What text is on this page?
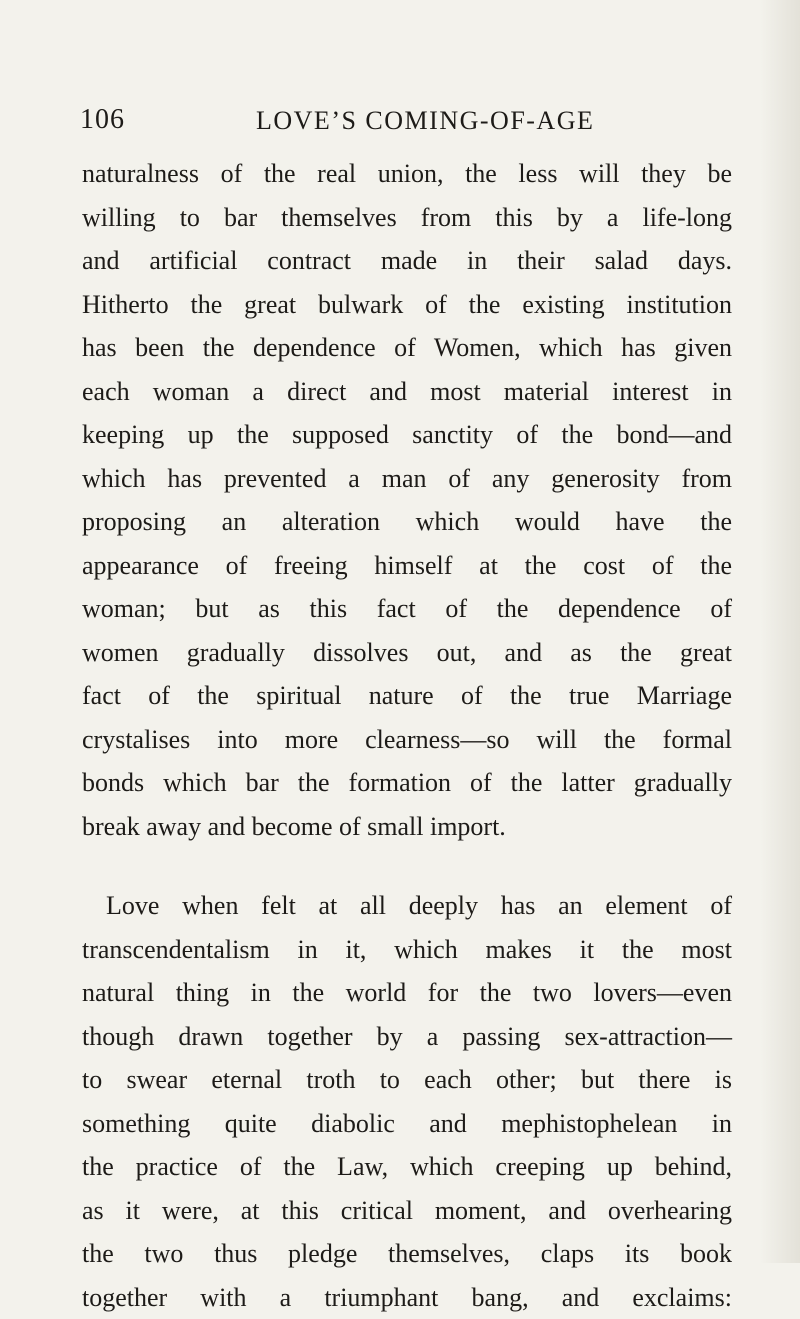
106	LOVE’S COMING-OF-AGE
naturalness of the real union, the less will they be
willing to bar themselves from this by a life-long
and artificial contract made in their salad days.
Hitherto the great bulwark of the existing institution
has been the dependence of Women, which has given
each woman a direct and most material interest in
keeping up the supposed sanctity of the bond—and
which has prevented a man of any generosity from
proposing an alteration which would have the
appearance of freeing himself at the cost of the
woman; but as this fact of the dependence of
women gradually dissolves out, and as the great
fact of the spiritual nature of the true Marriage
crystalises into more clearness—so will the formal
bonds which bar the formation of the latter gradually
break away and become of small import.
Love when felt at all deeply has an element of
transcendentalism in it, which makes it the most
natural thing in the world for the two lovers—even
though drawn together by a passing sex-attraction—
to swear eternal troth to each other; but there is
something quite diabolic and mephistophelean in
the practice of the Law, which creeping up behind,
as it were, at this critical moment, and overhearing
the two thus pledge themselves, claps its book
together with a triumphant bang, and exclaims:
